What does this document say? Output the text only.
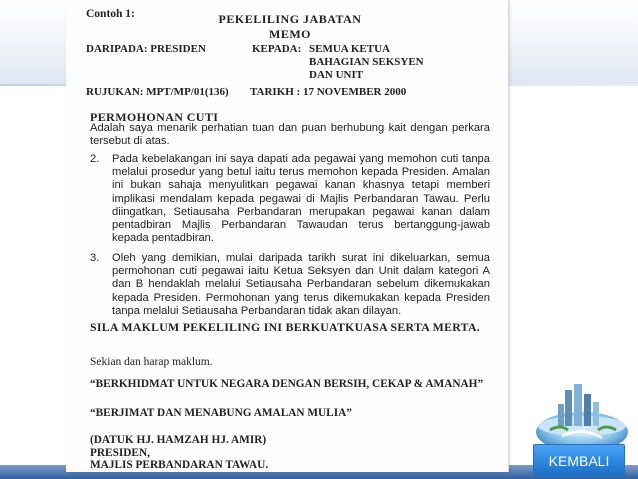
Contoh 1:	PEKELILING JABATAN
MEMO
DARIPADA: PRESIDEN	KEPADA: SEMUA KETUA
BAHAGIAN SEKSYEN
DAN UNIT
RUJUKAN: MPT/MP/01(136) TARIKH : 17 NOVEMBER 2000
PERMOHONAN CUTI
Adalah saya menarik perhatian tuan dan puan berhubung kait dengan perkara tersebut di atas.
2.	Pada kebelakangan ini saya dapati ada pegawai yang memohon cuti tanpa melalui prosedur yang betul iaitu terus memohon kepada Presiden. Amalan ini bukan sahaja menyulitkan pegawai kanan khasnya tetapi memberi implikasi mendalam kepada pegawai di Majlis Perbandaran Tawau. Perlu diingatkan, Setiausaha Perbandaran merupakan pegawai kanan dalam pentadbiran Majlis Perbandaran Tawaudan terus bertanggung-jawab kepada pentadbiran.
3.	Oleh yang demikian, mulai daripada tarikh surat ini dikeluarkan, semua permohonan cuti pegawai iaitu Ketua Seksyen dan Unit dalam kategori A dan B hendaklah melalui Setiausaha Perbandaran sebelum dikemukakan kepada Presiden. Permohonan yang terus dikemukakan kepada Presiden tanpa melalui Setiausaha Perbandaran tidak akan dilayan.
SILA MAKLUM PEKELILING INI BERKUATKUASA SERTA MERTA.
Sekian dan harap maklum.
“BERKHIDMAT UNTUK NEGARA DENGAN BERSIH, CEKAP & AMANAH”
“BERJIMAT DAN MENABUNG AMALAN MULIA”
(DATUK HJ. HAMZAH HJ. AMIR)
PRESIDEN,
MAJLIS PERBANDARAN TAWAU.	KEMBALI
